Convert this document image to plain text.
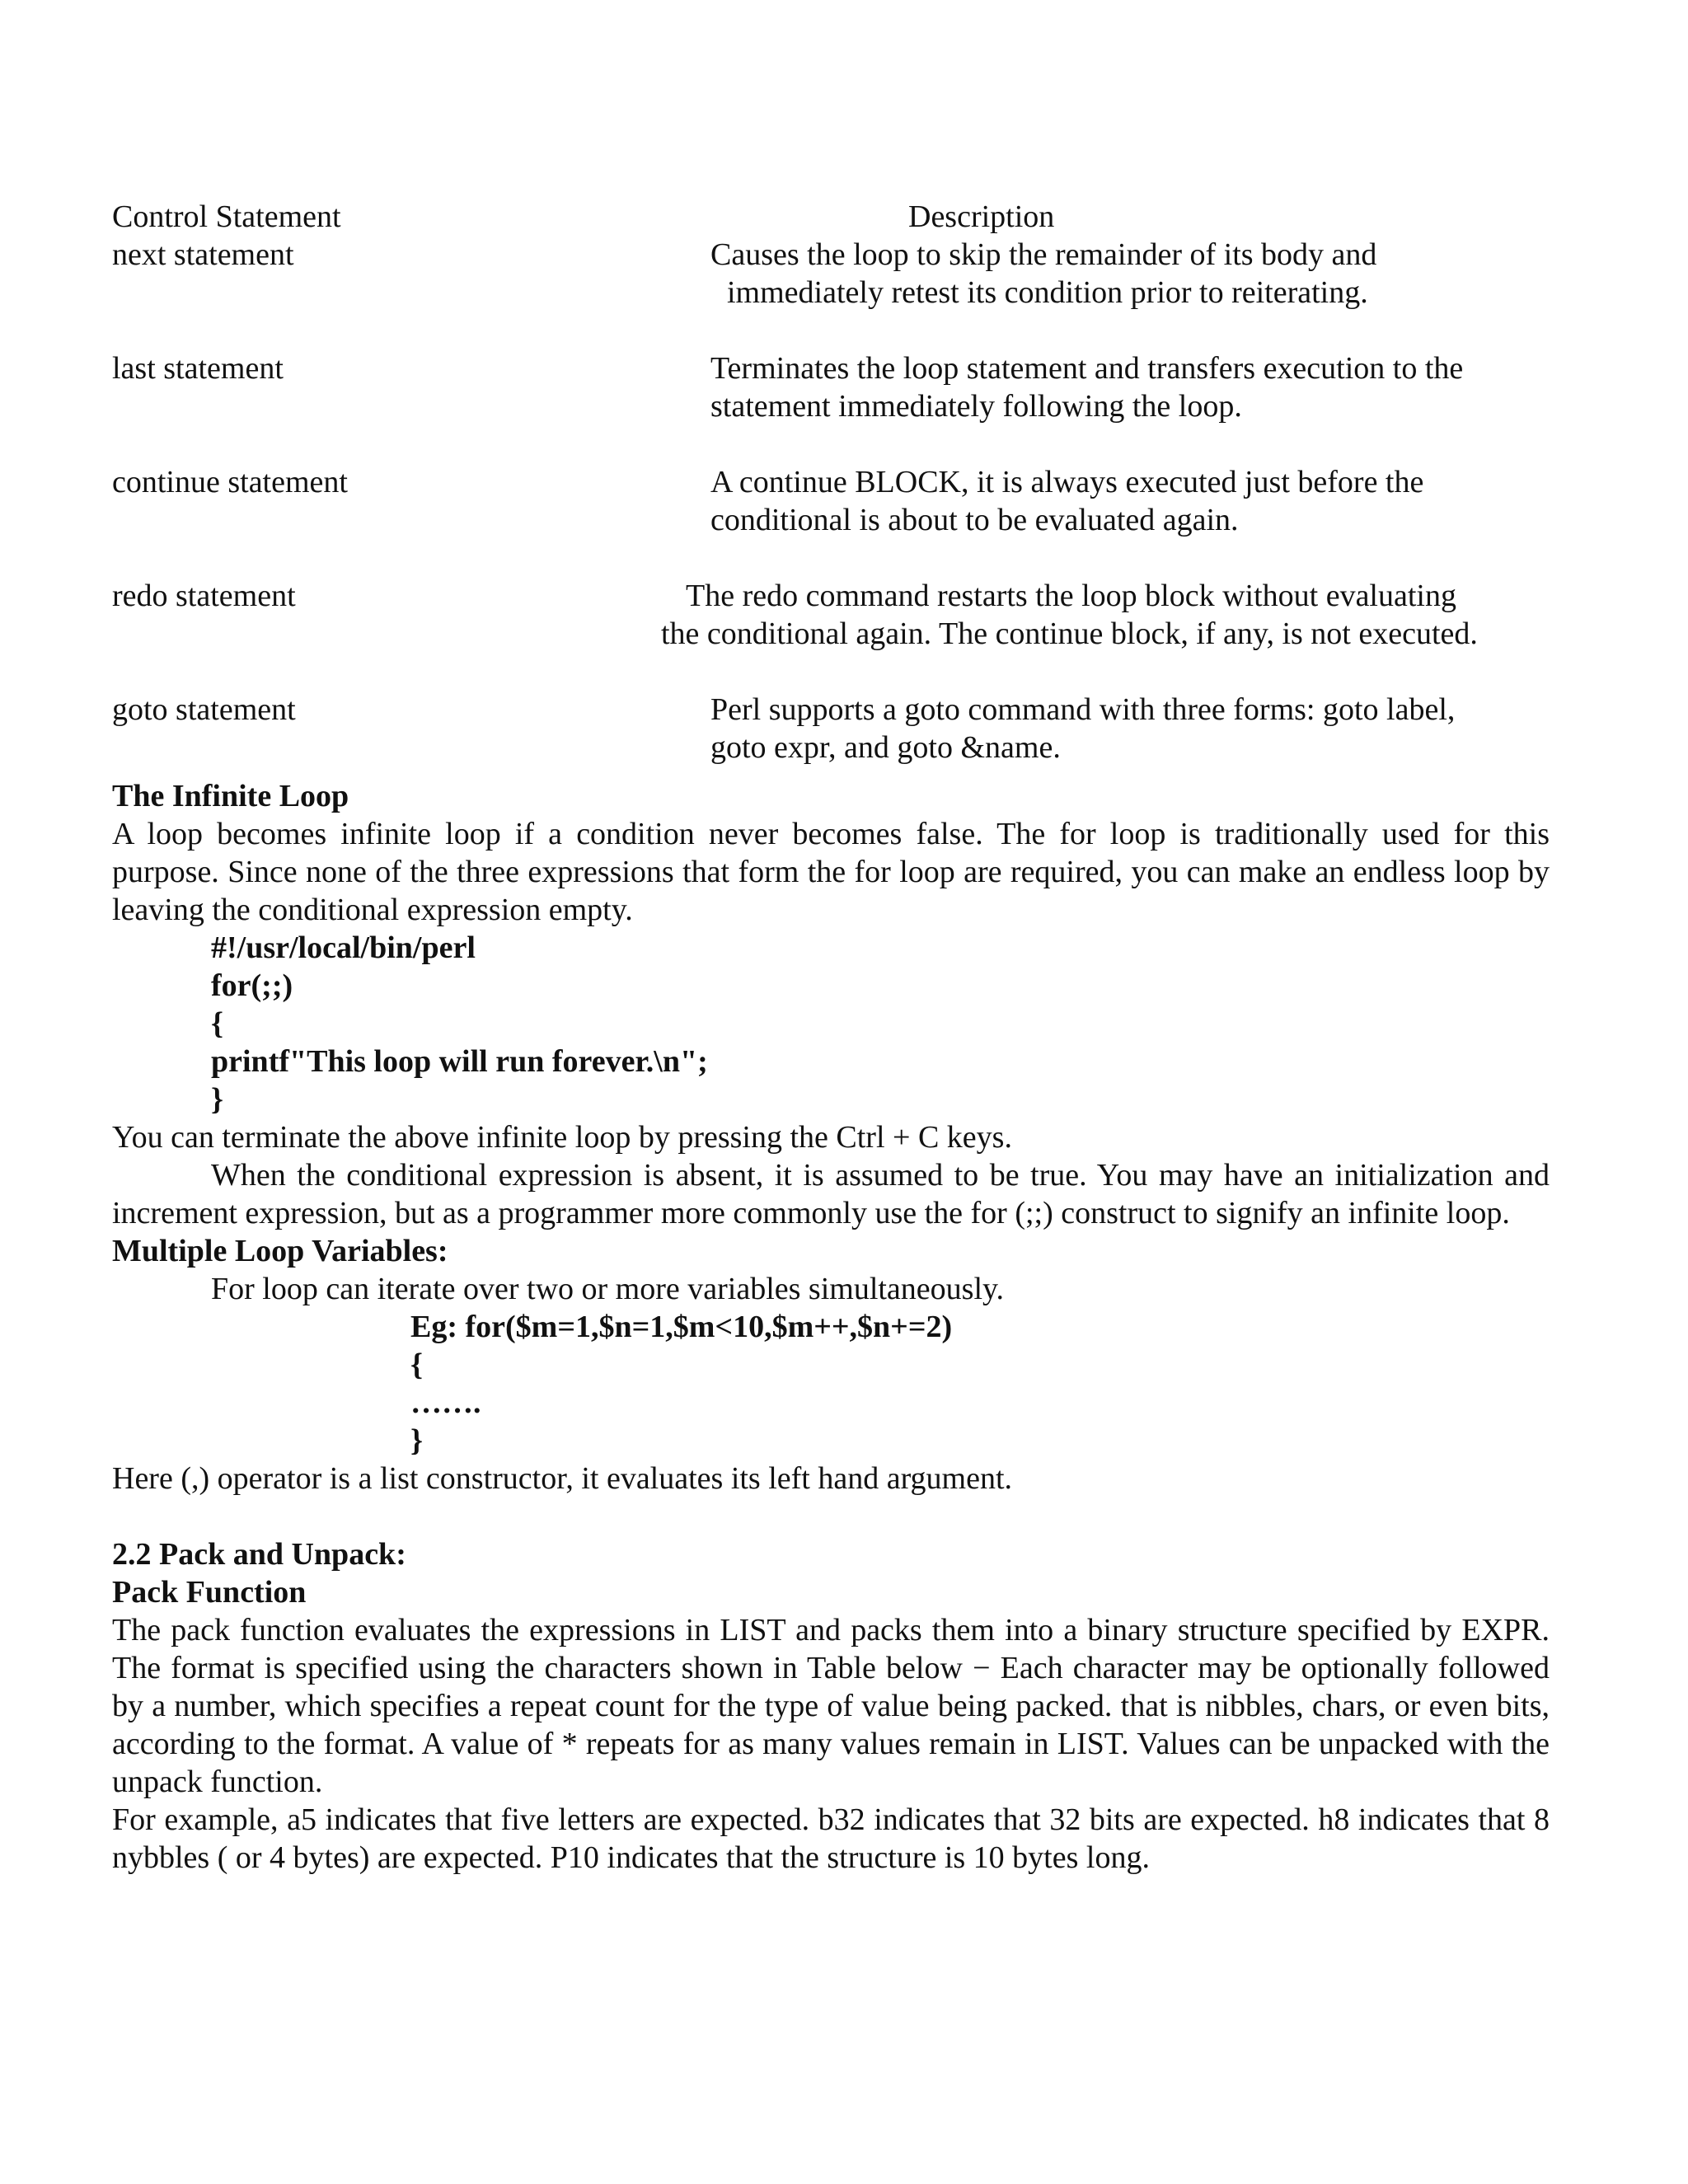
Control Statement	Description
next statement	Causes the loop to skip the remainder of its body and
immediately retest its condition prior to reiterating.
last statement	Terminates the loop statement and transfers execution to the
statement immediately following the loop.
continue statement	A continue BLOCK, it is always executed just before the
conditional is about to be evaluated again.
redo statement	The redo command restarts the loop block without evaluating
the conditional again. The continue block, if any, is not executed.
goto statement	Perl supports a goto command with three forms: goto label,
goto expr, and goto &name.
The Infinite Loop

A loop becomes infinite loop if a condition never becomes false. The for loop is traditionally used for this purpose. Since none of the three expressions that form the for loop are required, you can make an endless loop by leaving the conditional expression empty.

#!/usr/local/bin/perl
for(;;)
{
printf"This loop will run forever.\n";
}

You can terminate the above infinite loop by pressing the Ctrl + C keys.

When the conditional expression is absent, it is assumed to be true. You may have an initialization and increment expression, but as a programmer more commonly use the for (;;) construct to signify an infinite loop.

Multiple Loop Variables:

For loop can iterate over two or more variables simultaneously.

Eg: for($m=1,$n=1,$m<10,$m++,$n+=2)
{
…….
}

Here (,) operator is a list constructor, it evaluates its left hand argument.

2.2 Pack and Unpack:
Pack Function

The pack function evaluates the expressions in LIST and packs them into a binary structure specified by EXPR. The format is specified using the characters shown in Table below − Each character may be optionally followed by a number, which specifies a repeat count for the type of value being packed. that is nibbles, chars, or even bits, according to the format. A value of * repeats for as many values remain in LIST. Values can be unpacked with the unpack function.

For example, a5 indicates that five letters are expected. b32 indicates that 32 bits are expected. h8 indicates that 8 nybbles ( or 4 bytes) are expected. P10 indicates that the structure is 10 bytes long.
